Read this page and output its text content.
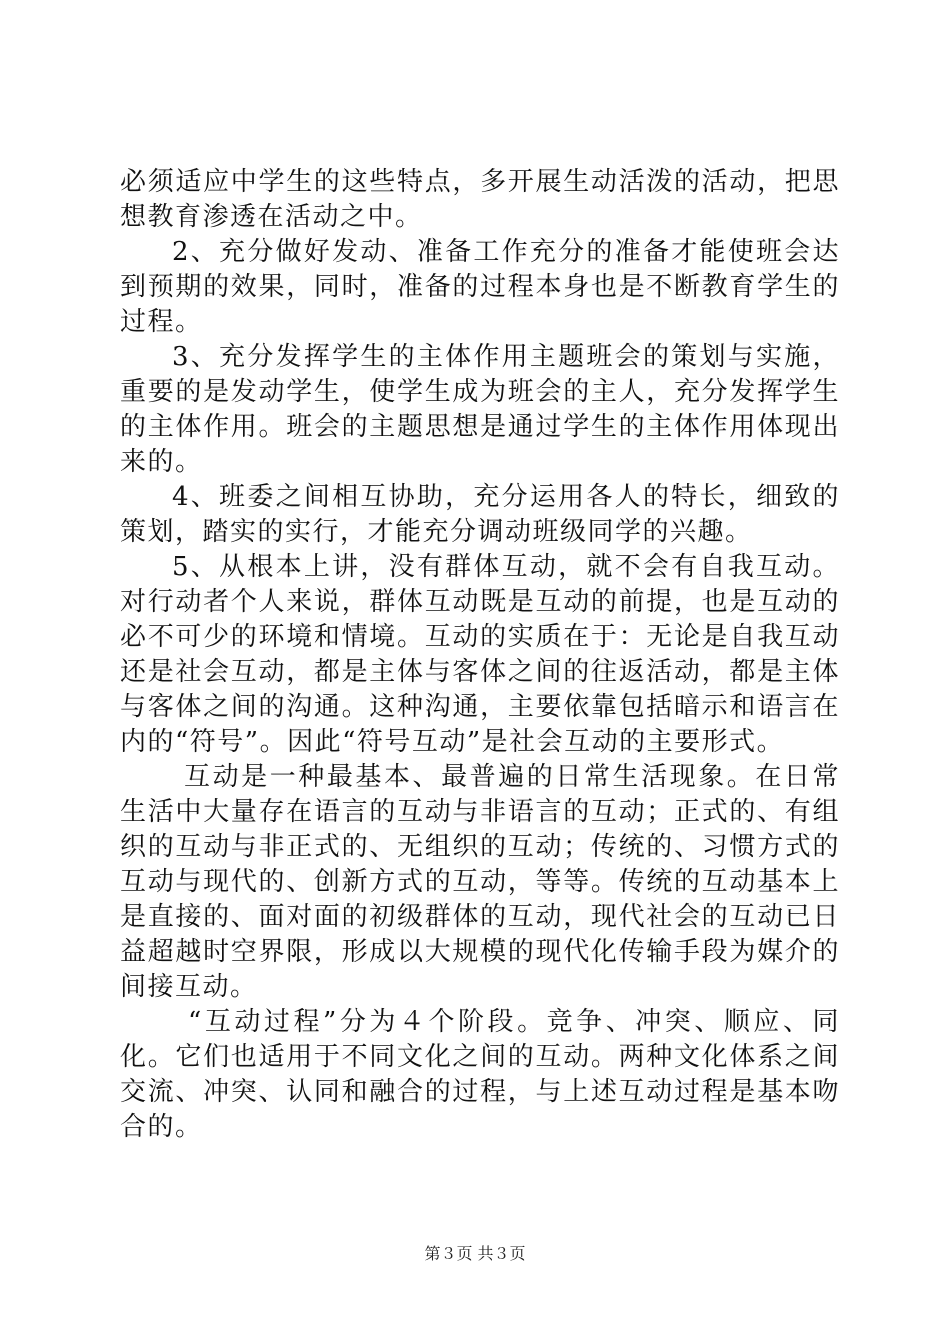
必须适应中学生的这些特点，多开展生动活泼的活动，把思想教育渗透在活动之中。

2、充分做好发动、准备工作充分的准备才能使班会达到预期的效果，同时，准备的过程本身也是不断教育学生的过程。

3、充分发挥学生的主体作用主题班会的策划与实施，重要的是发动学生，使学生成为班会的主人，充分发挥学生的主体作用。班会的主题思想是通过学生的主体作用体现出来的。

4、班委之间相互协助，充分运用各人的特长，细致的策划，踏实的实行，才能充分调动班级同学的兴趣。

5、从根本上讲，没有群体互动，就不会有自我互动。对行动者个人来说，群体互动既是互动的前提，也是互动的必不可少的环境和情境。互动的实质在于：无论是自我互动还是社会互动，都是主体与客体之间的往返活动，都是主体与客体之间的沟通。这种沟通，主要依靠包括暗示和语言在内的“符号”。因此“符号互动”是社会互动的主要形式。

互动是一种最基本、最普遍的日常生活现象。在日常生活中大量存在语言的互动与非语言的互动；正式的、有组织的互动与非正式的、无组织的互动；传统的、习惯方式的互动与现代的、创新方式的互动，等等。传统的互动基本上是直接的、面对面的初级群体的互动，现代社会的互动已日益超越时空界限，形成以大规模的现代化传输手段为媒介的间接互动。

“互动过程”分为４个阶段。竞争、冲突、顺应、同化。它们也适用于不同文化之间的互动。两种文化体系之间交流、冲突、认同和融合的过程，与上述互动过程是基本吻合的。

第３页 共３页
